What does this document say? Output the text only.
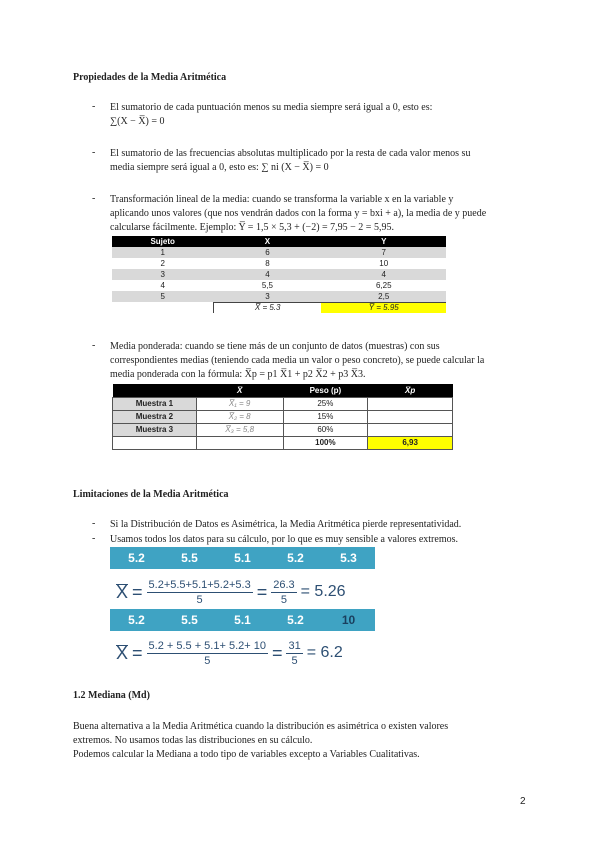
Propiedades de la Media Aritmética
- El sumatorio de cada puntuación menos su media siempre será igual a 0, esto es:
∑(X − X̅) = 0
- El sumatorio de las frecuencias absolutas multiplicado por la resta de cada valor menos su
media siempre será igual a 0, esto es: ∑ ni (X − X̅) = 0
- Transformación lineal de la media: cuando se transforma la variable x en la variable y
aplicando unos valores (que nos vendrán dados con la forma y = bxi + a), la media de y puede
calcularse fácilmente. Ejemplo: Y̅ = 1,5 × 5,3 + (−2) = 7,95 − 2 = 5,95.
Sujeto	X	Y
1	6	7
2	8	10
3	4	4
4	5,5	6,25
5	3	2,5
	X̅ = 5.3	Y̅ = 5.95
- Media ponderada: cuando se tiene más de un conjunto de datos (muestras) con sus
correspondientes medias (teniendo cada media un valor o peso concreto), se puede calcular la
media ponderada con la fórmula: X̅p = p1 X̅1 + p2 X̅2 + p3 X̅3.
	X̅	Peso (p)	X̅p
Muestra 1	X̅₁ = 9	25%	
Muestra 2	X̅₂ = 8	15%	
Muestra 3	X̅₃ = 5,8	60%	
		100%	6,93
Limitaciones de la Media Aritmética
- Si la Distribución de Datos es Asimétrica, la Media Aritmética pierde representatividad.
- Usamos todos los datos para su cálculo, por lo que es muy sensible a valores extremos.
5.2	5.5	5.1	5.2	5.3
$X = \frac{5.2+5.5+5.1+5.2+5.3}{5} = \frac{26.3}{5} = 5.26$
5.2	5.5	5.1	5.2	10
$X = \frac{5.2 + 5.5 + 5.1+ 5.2+ 10}{5} = \frac{31}{5} = 6.2$
1.2 Mediana (Md)
Buena alternativa a la Media Aritmética cuando la distribución es asimétrica o existen valores
extremos. No usamos todas las distribuciones en su cálculo.
Podemos calcular la Mediana a todo tipo de variables excepto a Variables Cualitativas.
2
